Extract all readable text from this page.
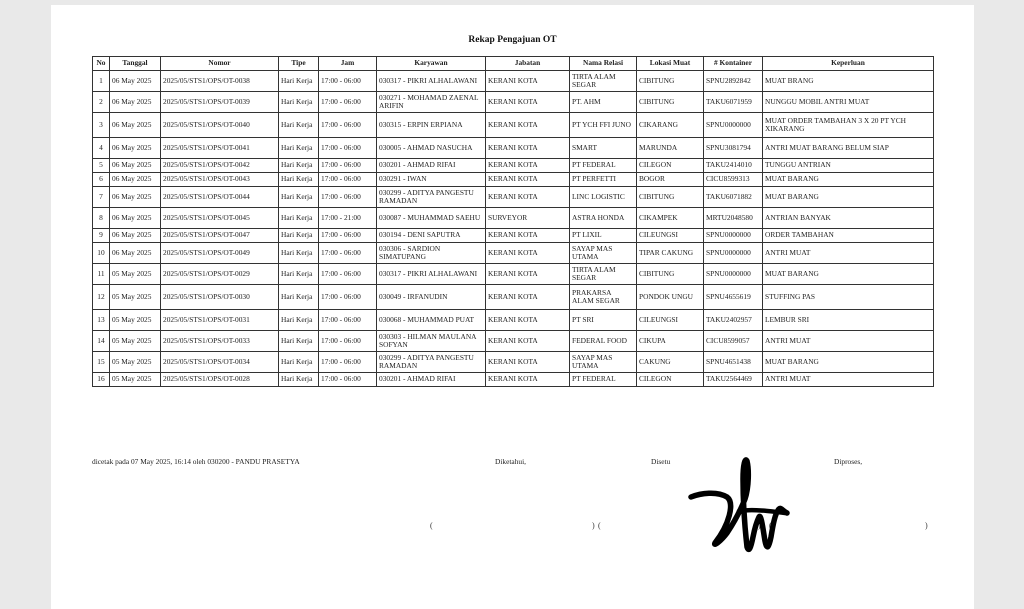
Rekap Pengajuan OT
No	Tanggal	Nomor	Tipe	Jam	Karyawan	Jabatan	Nama Relasi	Lokasi Muat	# Kontainer	Keperluan
1	06 May 2025	2025/05/STS1/OPS/OT-0038	Hari Kerja	17:00 - 06:00	030317 - PIKRI ALHALAWANI	KERANI KOTA	TIRTA ALAM SEGAR	CIBITUNG	SPNU2892842	MUAT BRANG
2	06 May 2025	2025/05/STS1/OPS/OT-0039	Hari Kerja	17:00 - 06:00	030271 - MOHAMAD ZAENAL ARIFIN	KERANI KOTA	PT. AHM	CIBITUNG	TAKU6071959	NUNGGU MOBIL ANTRI MUAT
3	06 May 2025	2025/05/STS1/OPS/OT-0040	Hari Kerja	17:00 - 06:00	030315 - ERPIN ERPIANA	KERANI KOTA	PT YCH FFI JUNO	CIKARANG	SPNU0000000	MUAT ORDER TAMBAHAN 3 X 20 PT YCH XIKARANG
4	06 May 2025	2025/05/STS1/OPS/OT-0041	Hari Kerja	17:00 - 06:00	030005 - AHMAD NASUCHA	KERANI KOTA	SMART	MARUNDA	SPNU3081794	ANTRI MUAT BARANG BELUM SIAP
5	06 May 2025	2025/05/STS1/OPS/OT-0042	Hari Kerja	17:00 - 06:00	030201 - AHMAD RIFAI	KERANI KOTA	PT FEDERAL	CILEGON	TAKU2414010	TUNGGU ANTRIAN
6	06 May 2025	2025/05/STS1/OPS/OT-0043	Hari Kerja	17:00 - 06:00	030291 - IWAN	KERANI KOTA	PT PERFETTI	BOGOR	CICU8599313	MUAT BARANG
7	06 May 2025	2025/05/STS1/OPS/OT-0044	Hari Kerja	17:00 - 06:00	030299 - ADITYA PANGESTU RAMADAN	KERANI KOTA	LINC LOGISTIC	CIBITUNG	TAKU6071882	MUAT BARANG
8	06 May 2025	2025/05/STS1/OPS/OT-0045	Hari Kerja	17:00 - 21:00	030087 - MUHAMMAD SAEHU	SURVEYOR	ASTRA HONDA	CIKAMPEK	MRTU2048580	ANTRIAN BANYAK
9	06 May 2025	2025/05/STS1/OPS/OT-0047	Hari Kerja	17:00 - 06:00	030194 - DENI SAPUTRA	KERANI KOTA	PT LIXIL	CILEUNGSI	SPNU0000000	ORDER TAMBAHAN
10	06 May 2025	2025/05/STS1/OPS/OT-0049	Hari Kerja	17:00 - 06:00	030306 - SARDION SIMATUPANG	KERANI KOTA	SAYAP MAS UTAMA	TIPAR CAKUNG	SPNU0000000	ANTRI MUAT
11	05 May 2025	2025/05/STS1/OPS/OT-0029	Hari Kerja	17:00 - 06:00	030317 - PIKRI ALHALAWANI	KERANI KOTA	TIRTA ALAM SEGAR	CIBITUNG	SPNU0000000	MUAT BARANG
12	05 May 2025	2025/05/STS1/OPS/OT-0030	Hari Kerja	17:00 - 06:00	030049 - IRFANUDIN	KERANI KOTA	PRAKARSA ALAM SEGAR	PONDOK UNGU	SPNU4655619	STUFFING PAS
13	05 May 2025	2025/05/STS1/OPS/OT-0031	Hari Kerja	17:00 - 06:00	030068 - MUHAMMAD PUAT	KERANI KOTA	PT SRI	CILEUNGSI	TAKU2402957	LEMBUR SRI
14	05 May 2025	2025/05/STS1/OPS/OT-0033	Hari Kerja	17:00 - 06:00	030303 - HILMAN MAULANA SOFYAN	KERANI KOTA	FEDERAL FOOD	CIKUPA	CICU8599057	ANTRI MUAT
15	05 May 2025	2025/05/STS1/OPS/OT-0034	Hari Kerja	17:00 - 06:00	030299 - ADITYA PANGESTU RAMADAN	KERANI KOTA	SAYAP MAS UTAMA	CAKUNG	SPNU4651438	MUAT BARANG
16	05 May 2025	2025/05/STS1/OPS/OT-0028	Hari Kerja	17:00 - 06:00	030201 - AHMAD RIFAI	KERANI KOTA	PT FEDERAL	CILEGON	TAKU2564469	ANTRI MUAT
dicetak pada 07 May 2025, 16:14 oleh 030200 - PANDU PRASETYA	Diketahui,	Disetu	Diproses,
(	) (	) (	)
